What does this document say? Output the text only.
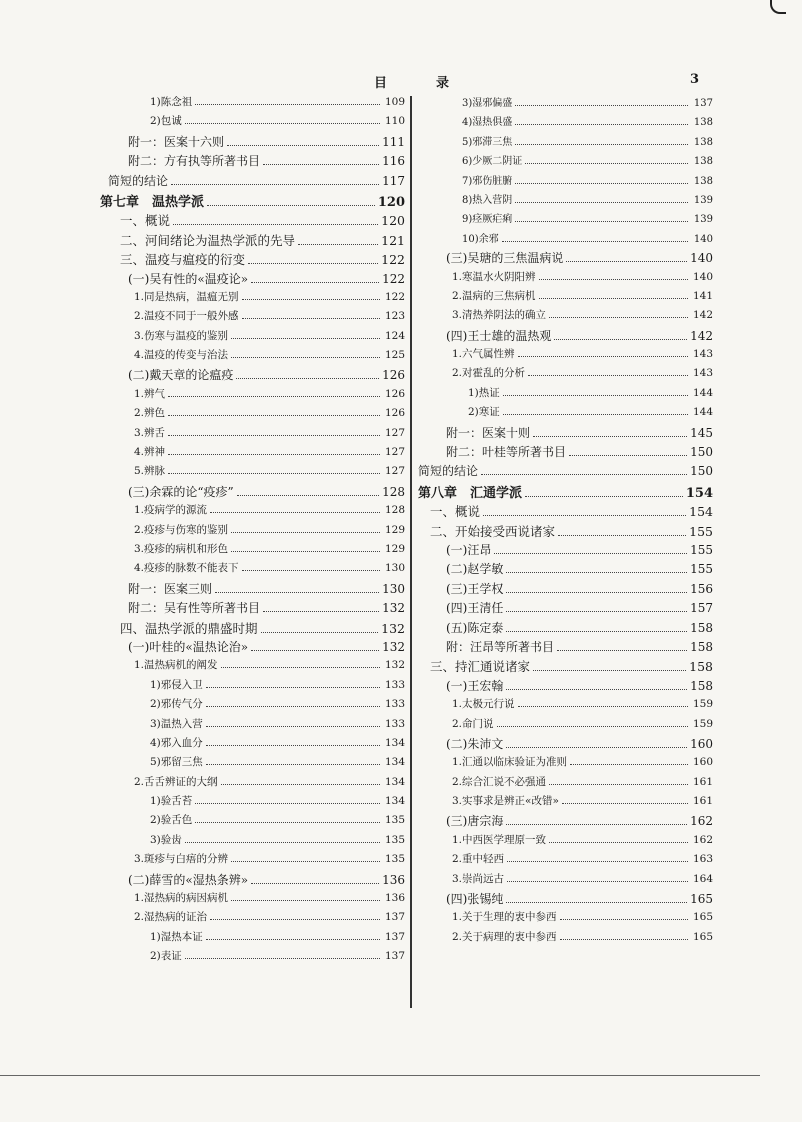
目	录	3
1)陈念祖	109
2)包诚	110
附一：医案十六则	111
附二：方有执等所著书目	116
简短的结论	117
第七章　温热学派	120
一、概说	120
二、河间绪论为温热学派的先导	121
三、温疫与瘟疫的衍变	122
(一)吴有性的«温疫论»	122
1.同是热病，温瘟无别	122
2.温疫不同于一般外感	123
3.伤寒与温疫的鉴别	124
4.温疫的传变与治法	125
(二)戴天章的论瘟疫	126
1.辨气	126
2.辨色	126
3.辨舌	127
4.辨神	127
5.辨脉	127
(三)余霖的论“疫疹”	128
1.疫病学的源流	128
2.疫疹与伤寒的鉴别	129
3.疫疹的病机和形色	129
4.疫疹的脉数不能表下	130
附一：医案三则	130
附二：吴有性等所著书目	132
四、温热学派的鼎盛时期	132
(一)叶桂的«温热论治»	132
1.温热病机的阐发	132
1)邪侵入卫	133
2)邪传气分	133
3)温热入营	133
4)邪入血分	134
5)邪留三焦	134
2.舌舌辨证的大纲	134
1)验舌苔	134
2)验舌色	135
3)验齿	135
3.斑疹与白痦的分辨	135
(二)薛雪的«湿热条辨»	136
1.湿热病的病因病机	136
2.湿热病的证治	137
1)湿热本证	137
2)表证	137
3)湿邪偏盛	137
4)湿热俱盛	138
5)邪滞三焦	138
6)少厥二阴证	138
7)邪伤脏腑	138
8)热入营阴	139
9)痉厥疟痢	139
10)余邪	140
(三)吴瑭的三焦温病说	140
1.寒温水火阴阳辨	140
2.温病的三焦病机	141
3.清热养阴法的确立	142
(四)王士雄的温热观	142
1.六气属性辨	143
2.对霍乱的分析	143
1)热证	144
2)寒证	144
附一：医案十则	145
附二：叶桂等所著书目	150
简短的结论	150
第八章　汇通学派	154
一、概说	154
二、开始接受西说诸家	155
(一)汪昂	155
(二)赵学敏	155
(三)王学权	156
(四)王清任	157
(五)陈定泰	158
附：汪昂等所著书目	158
三、持汇通说诸家	158
(一)王宏翰	158
1.太极元行说	159
2.命门说	159
(二)朱沛文	160
1.汇通以临床验证为准则	160
2.综合汇说不必强通	161
3.实事求是辨正«改错»	161
(三)唐宗海	162
1.中西医学理原一致	162
2.重中轻西	163
3.崇尚远古	164
(四)张锡纯	165
1.关于生理的衷中参西	165
2.关于病理的衷中参西	165
